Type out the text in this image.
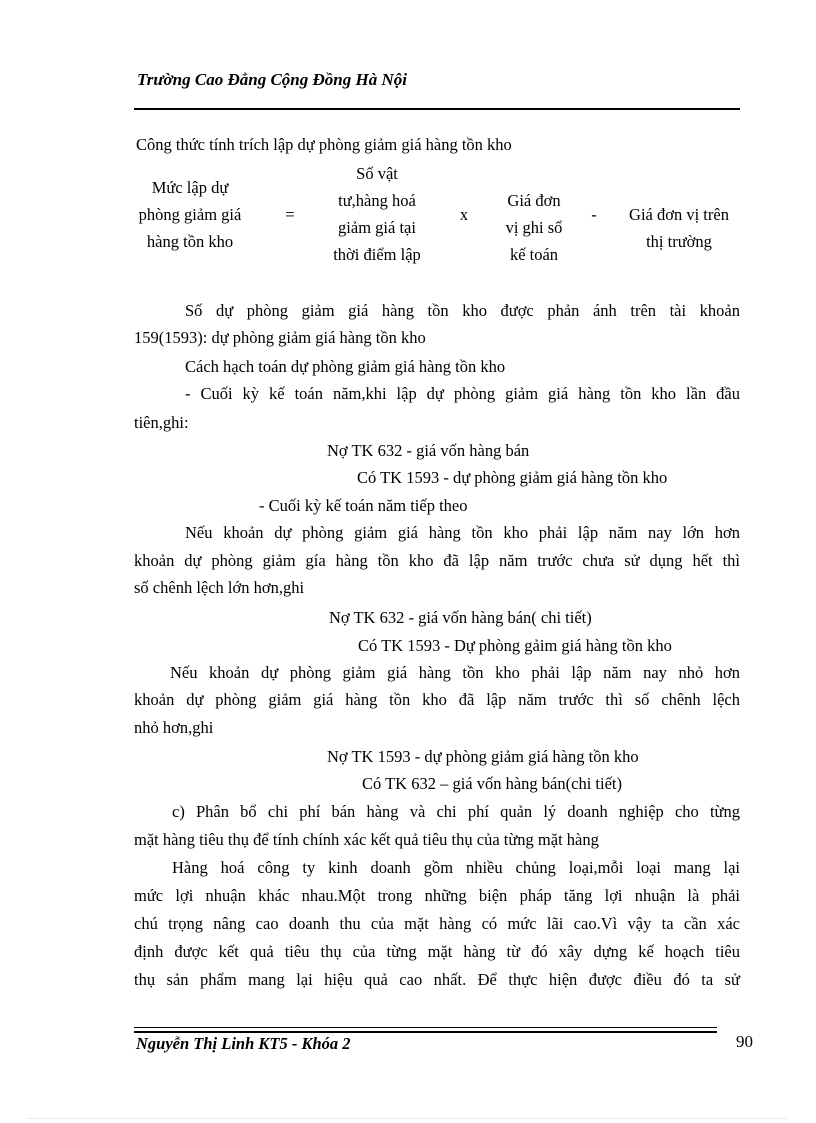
Trường Cao Đẳng Cộng Đồng Hà Nội
Công thức tính trích lập dự phòng giảm giá hàng tồn kho
Mức lập dự
phòng giảm giá
hàng tồn kho
=
Số vật
tư,hàng hoá
giảm giá tại
thời điểm lập
x
Giá đơn
vị ghi sổ
kế toán
-	Giá đơn vị trên
thị trường
Số dự phòng giảm giá hàng tồn kho được phản ánh trên tài khoản
159(1593): dự phòng giảm giá hàng tồn kho
Cách hạch toán dự phòng giảm giá hàng tồn kho
- Cuối kỳ kế toán năm,khi lập dự phòng giảm giá hàng tồn kho lần đầu
tiên,ghi:
Nợ TK 632 - giá vốn hàng bán
Có TK 1593 - dự phòng giảm giá hàng tồn kho
- Cuối kỳ kế toán năm tiếp theo
Nếu khoản dự phòng giảm giá hàng tồn kho phải lập năm nay lớn hơn
khoản dự phòng giảm gía hàng tồn kho đã lập năm trước chưa sử dụng hết thì
số chênh lệch lớn hơn,ghi
Nợ TK 632 - giá vốn hàng bán( chi tiết)
Có TK 1593 - Dự phòng gảim giá hàng tồn kho
Nếu khoản dự phòng giảm giá hàng tồn kho phải lập năm nay nhỏ hơn
khoản dự phòng giảm giá hàng tồn kho đã lập năm trước thì số chênh lệch
nhỏ hơn,ghi
Nợ TK 1593 - dự phòng giảm giá hàng tồn kho
Có TK 632 – giá vốn hàng bán(chi tiết)
c) Phân bổ chi phí bán hàng và chi phí quản lý doanh nghiệp cho từng
mặt hàng tiêu thụ để tính chính xác kết quả tiêu thụ của từng mặt hàng
Hàng hoá công ty kinh doanh gồm nhiều chủng loại,mỗi loại mang lại
mức lợi nhuận khác nhau.Một trong những biện pháp tăng lợi nhuận là phải
chú trọng nâng cao doanh thu của mặt hàng có mức lãi cao.Vì vậy ta cần xác
định được kết quả tiêu thụ của từng mặt hàng từ đó xây dựng kế hoạch tiêu
thụ sản phẩm mang lại hiệu quả cao nhất. Để thực hiện được điều đó ta sử
Nguyễn Thị Linh KT5 - Khóa 2	90
